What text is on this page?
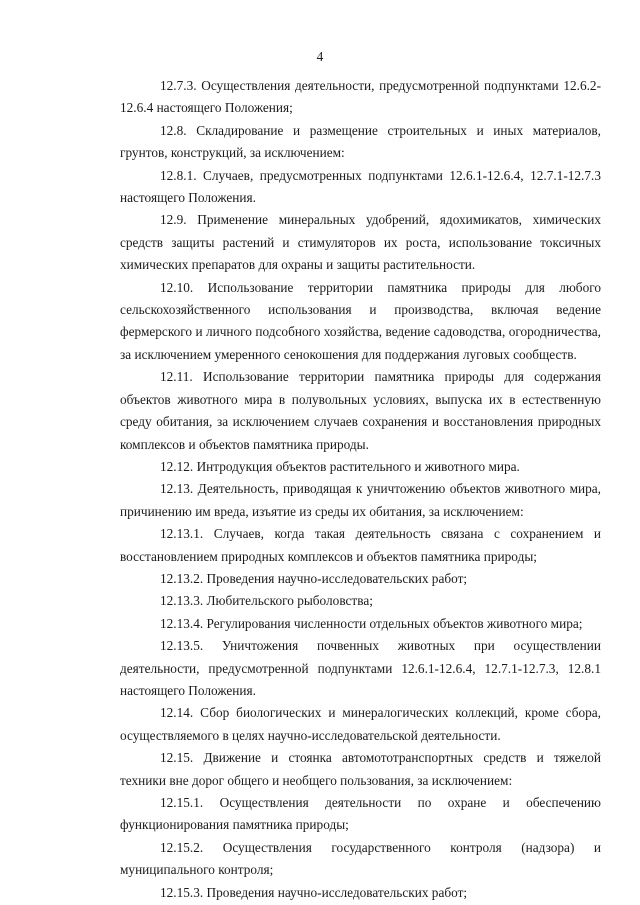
4

12.7.3. Осуществления деятельности, предусмотренной подпунктами 12.6.2-12.6.4 настоящего Положения;

12.8. Складирование и размещение строительных и иных материалов, грунтов, конструкций, за исключением:

12.8.1. Случаев, предусмотренных подпунктами 12.6.1-12.6.4, 12.7.1-12.7.3 настоящего Положения.

12.9. Применение минеральных удобрений, ядохимикатов, химических средств защиты растений и стимуляторов их роста, использование токсичных химических препаратов для охраны и защиты растительности.

12.10. Использование территории памятника природы для любого сельскохозяйственного использования и производства, включая ведение фермерского и личного подсобного хозяйства, ведение садоводства, огородничества, за исключением умеренного сенокошения для поддержания луговых сообществ.

12.11. Использование территории памятника природы для содержания объектов животного мира в полувольных условиях, выпуска их в естественную среду обитания, за исключением случаев сохранения и восстановления природных комплексов и объектов памятника природы.

12.12. Интродукция объектов растительного и животного мира.

12.13. Деятельность, приводящая к уничтожению объектов животного мира, причинению им вреда, изъятие из среды их обитания, за исключением:

12.13.1. Случаев, когда такая деятельность связана с сохранением и восстановлением природных комплексов и объектов памятника природы;

12.13.2. Проведения научно-исследовательских работ;

12.13.3. Любительского рыболовства;

12.13.4. Регулирования численности отдельных объектов животного мира;

12.13.5. Уничтожения почвенных животных при осуществлении деятельности, предусмотренной подпунктами 12.6.1-12.6.4, 12.7.1-12.7.3, 12.8.1 настоящего Положения.

12.14. Сбор биологических и минералогических коллекций, кроме сбора, осуществляемого в целях научно-исследовательской деятельности.

12.15. Движение и стоянка автомототранспортных средств и тяжелой техники вне дорог общего и необщего пользования, за исключением:

12.15.1. Осуществления деятельности по охране и обеспечению функционирования памятника природы;

12.15.2. Осуществления государственного контроля (надзора) и муниципального контроля;

12.15.3. Проведения научно-исследовательских работ;
